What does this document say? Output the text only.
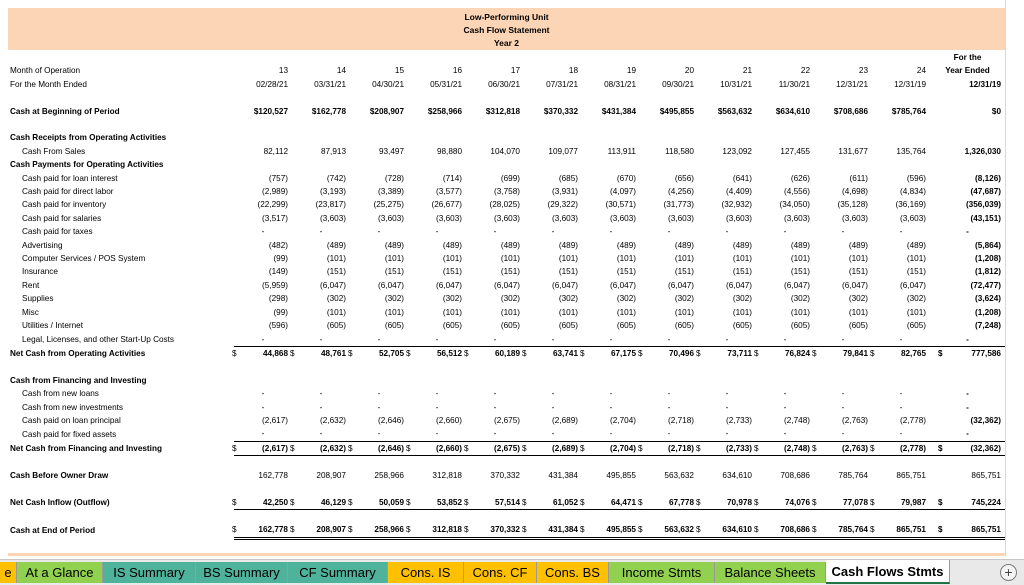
Low-Performing Unit
Cash Flow Statement
Year 2
													For the
Month of Operation	13	14	15	16	17	18	19	20	21	22	23	24	Year Ended
For the Month Ended	02/28/21	03/31/21	04/30/21	05/31/21	06/30/21	07/31/21	08/31/21	09/30/21	10/31/21	11/30/21	12/31/21	12/31/19	12/31/19

Cash at Beginning of Period	$120,527	$162,778	$208,907	$258,966	$312,818	$370,332	$431,384	$495,855	$563,632	$634,610	$708,686	$785,764	$0

Cash Receipts from Operating Activities													
Cash From Sales	82,112	87,913	93,497	98,880	104,070	109,077	113,911	118,580	123,092	127,455	131,677	135,764	1,326,030
Cash Payments for Operating Activities													
Cash paid for loan interest	(757)	(742)	(728)	(714)	(699)	(685)	(670)	(656)	(641)	(626)	(611)	(596)	(8,126)
Cash paid for direct labor	(2,989)	(3,193)	(3,389)	(3,577)	(3,758)	(3,931)	(4,097)	(4,256)	(4,409)	(4,556)	(4,698)	(4,834)	(47,687)
Cash paid for inventory	(22,299)	(23,817)	(25,275)	(26,677)	(28,025)	(29,322)	(30,571)	(31,773)	(32,932)	(34,050)	(35,128)	(36,169)	(356,039)
Cash paid for salaries	(3,517)	(3,603)	(3,603)	(3,603)	(3,603)	(3,603)	(3,603)	(3,603)	(3,603)	(3,603)	(3,603)	(3,603)	(43,151)
Cash paid for taxes	-	-	-	-	-	-	-	-	-	-	-	-	-
Advertising	(482)	(489)	(489)	(489)	(489)	(489)	(489)	(489)	(489)	(489)	(489)	(489)	(5,864)
Computer Services / POS System	(99)	(101)	(101)	(101)	(101)	(101)	(101)	(101)	(101)	(101)	(101)	(101)	(1,208)
Insurance	(149)	(151)	(151)	(151)	(151)	(151)	(151)	(151)	(151)	(151)	(151)	(151)	(1,812)
Rent	(5,959)	(6,047)	(6,047)	(6,047)	(6,047)	(6,047)	(6,047)	(6,047)	(6,047)	(6,047)	(6,047)	(6,047)	(72,477)
Supplies	(298)	(302)	(302)	(302)	(302)	(302)	(302)	(302)	(302)	(302)	(302)	(302)	(3,624)
Misc	(99)	(101)	(101)	(101)	(101)	(101)	(101)	(101)	(101)	(101)	(101)	(101)	(1,208)
Utilities / Internet	(596)	(605)	(605)	(605)	(605)	(605)	(605)	(605)	(605)	(605)	(605)	(605)	(7,248)
Legal, Licenses, and other Start-Up Costs	-	-	-	-	-	-	-	-	-	-	-	-	-
Net Cash from Operating Activities	$ 44,868	$ 48,761	$ 52,705	$ 56,512	$ 60,189	$ 63,741	$ 67,175	$ 70,496	$ 73,711	$ 76,824	$ 79,841	$ 82,765	$ 777,586

Cash from Financing and Investing													
Cash from new loans	-	-	-	-	-	-	-	-	-	-	-	-	-
Cash from new investments	-	-	-	-	-	-	-	-	-	-	-	-	-
Cash paid on loan principal	(2,617)	(2,632)	(2,646)	(2,660)	(2,675)	(2,689)	(2,704)	(2,718)	(2,733)	(2,748)	(2,763)	(2,778)	(32,362)
Cash paid for fixed assets	-	-	-	-	-	-	-	-	-	-	-	-	-
Net Cash from Financing and Investing	$ (2,617)	$ (2,632)	$ (2,646)	$ (2,660)	$ (2,675)	$ (2,689)	$ (2,704)	$ (2,718)	$ (2,733)	$ (2,748)	$ (2,763)	$ (2,778)	$ (32,362)

Cash Before Owner Draw	162,778	208,907	258,966	312,818	370,332	431,384	495,855	563,632	634,610	708,686	785,764	865,751	865,751

Net Cash Inflow (Outflow)	$ 42,250	$ 46,129	$ 50,059	$ 53,852	$ 57,514	$ 61,052	$ 64,471	$ 67,778	$ 70,978	$ 74,076	$ 77,078	$ 79,987	$ 745,224

Cash at End of Period	$ 162,778	$ 208,907	$ 258,966	$ 312,818	$ 370,332	$ 431,384	$ 495,855	$ 563,632	$ 634,610	$ 708,686	$ 785,764	$ 865,751	$ 865,751
e	At a Glance	IS Summary	BS Summary	CF Summary	Cons. IS	Cons. CF	Cons. BS	Income Stmts	Balance Sheets	Cash Flows Stmts	+
